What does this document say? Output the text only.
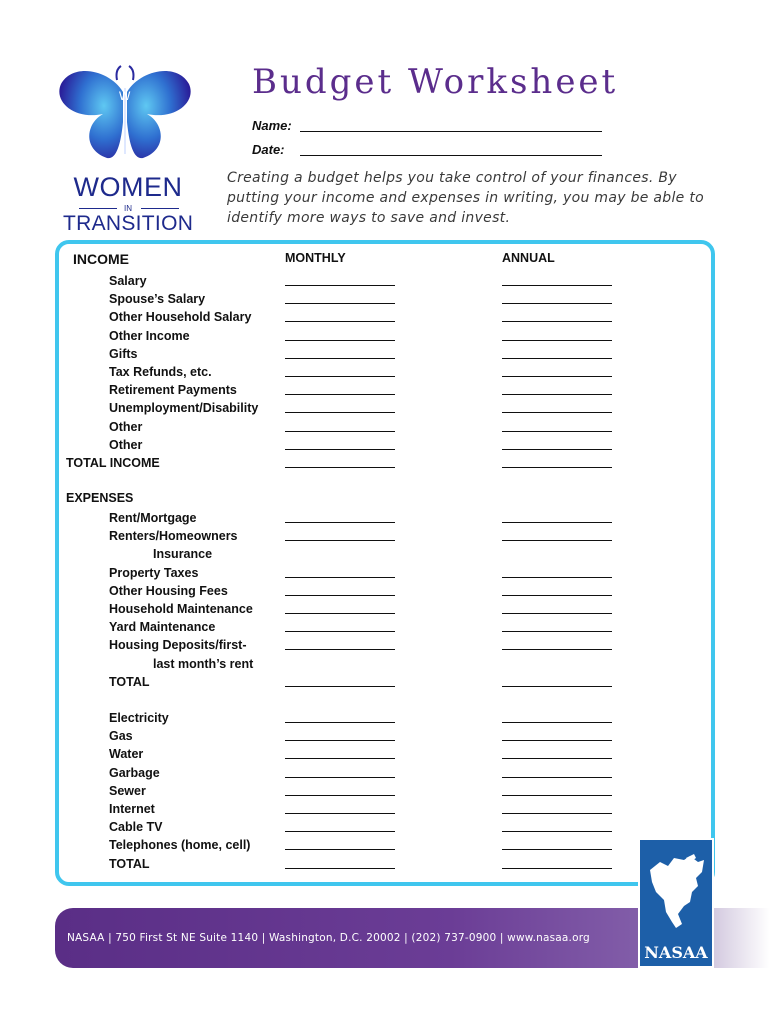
W
WOMEN
IN
TRANSITION
Budget Worksheet
Name:
Date:
Creating a budget helps you take control of your finances. By putting your income and expenses in writing, you may be able to identify more ways to save and invest.
INCOME	MONTHLY	ANNUAL
Salary
Spouse’s Salary
Other Household Salary
Other Income
Gifts
Tax Refunds, etc.
Retirement Payments
Unemployment/Disability
Other
Other
TOTAL INCOME
EXPENSES
Rent/Mortgage
Renters/Homeowners
Insurance
Property Taxes
Other Housing Fees
Household Maintenance
Yard Maintenance
Housing Deposits/first-
last month’s rent
TOTAL
Electricity
Gas
Water
Garbage
Sewer
Internet
Cable TV
Telephones (home, cell)
TOTAL
NASAA | 750 First St NE Suite 1140 | Washington, D.C. 20002 | (202) 737-0900 | www.nasaa.org
NASAA
